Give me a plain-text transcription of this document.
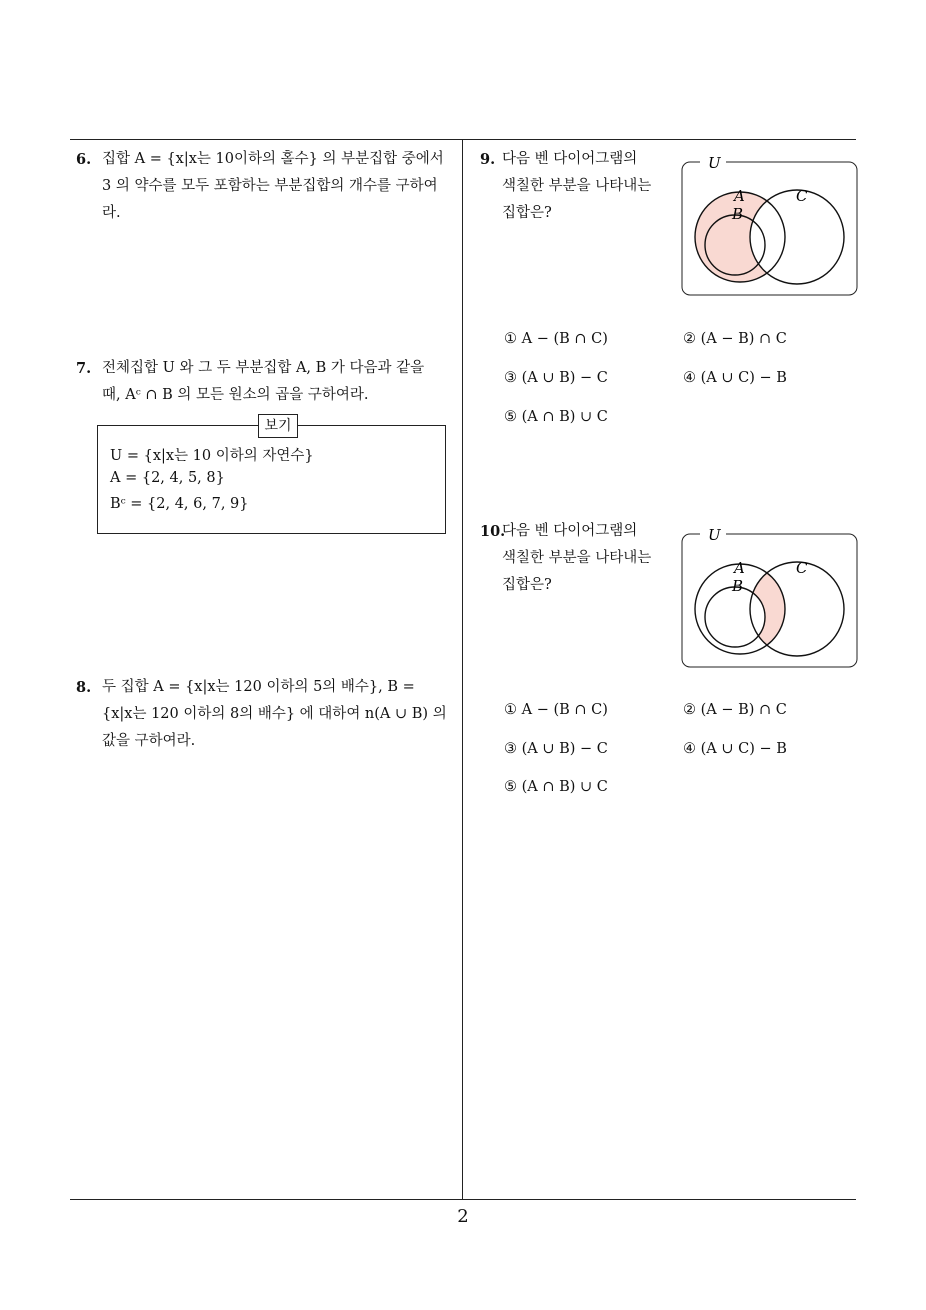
6. 집합 A = {x|x는 10이하의 홀수} 의 부분집합 중에서
3 의 약수를 모두 포함하는 부분집합의 개수를 구하여
라.
7. 전체집합 U 와 그 두 부분집합 A, B 가 다음과 같을
때, Aᶜ ∩ B 의 모든 원소의 곱을 구하여라.
보기
U = {x|x는 10 이하의 자연수}
A = {2, 4, 5, 8}
Bᶜ = {2, 4, 6, 7, 9}
8. 두 집합 A = {x|x는 120 이하의 5의 배수}, B =
{x|x는 120 이하의 8의 배수} 에 대하여 n(A ∪ B) 의
값을 구하여라.
9. 다음 벤 다이어그램의
색칠한 부분을 나타내는
집합은?
U
A
B
C
① A − (B ∩ C)	② (A − B) ∩ C
③ (A ∪ B) − C	④ (A ∪ C) − B
⑤ (A ∩ B) ∪ C
10.
다음 벤 다이어그램의
색칠한 부분을 나타내는
집합은?
U
A
B
C
① A − (B ∩ C)	② (A − B) ∩ C
③ (A ∪ B) − C	④ (A ∪ C) − B
⑤ (A ∩ B) ∪ C
2
